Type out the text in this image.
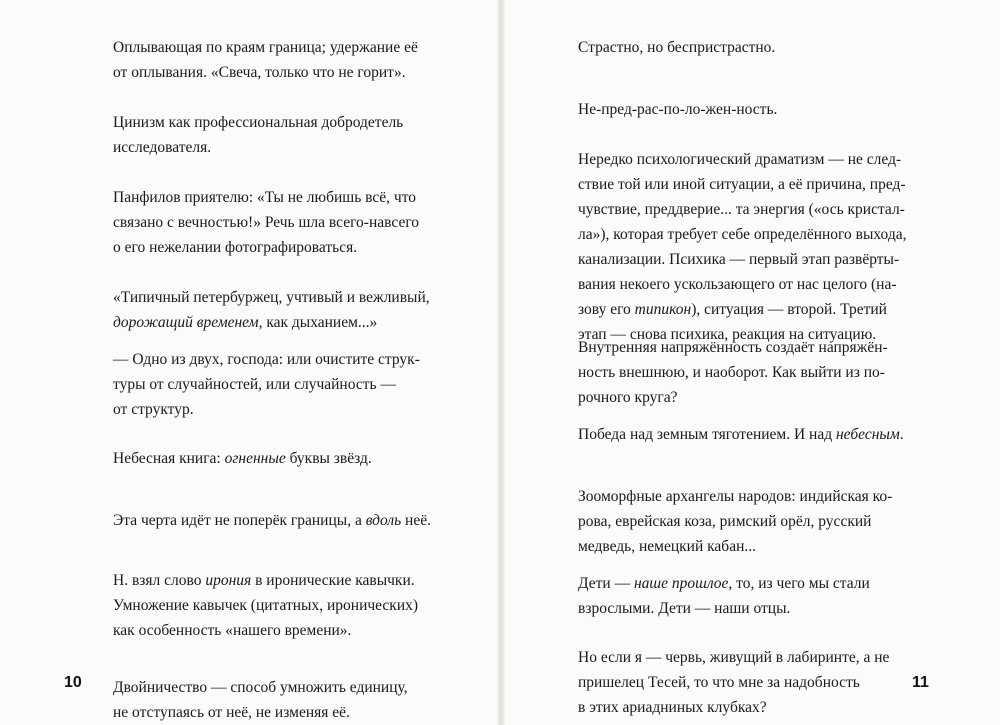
Оплывающая по краям граница; удержание её
от оплывания. «Свеча, только что не горит».
Цинизм как профессиональная добродетель
исследователя.
Панфилов приятелю: «Ты не любишь всё, что
связано с вечностью!» Речь шла всего-навсего
о его нежелании фотографироваться.
«Типичный петербуржец, учтивый и вежливый,
дорожащий временем, как дыханием...»
— Одно из двух, господа: или очистите струк-
туры от случайностей, или случайность —
от структур.
Небесная книга: огненные буквы звёзд.
Эта черта идёт не поперёк границы, а вдоль неё.
Н. взял слово ирония в иронические кавычки.
Умножение кавычек (цитатных, иронических)
как особенность «нашего времени».
Двойничество — способ умножить единицу,
не отступаясь от неё, не изменяя её.
10
Страстно, но беспристрастно.
Не-пред-рас-по-ло-жен-ность.
Нередко психологический драматизм — не след-
ствие той или иной ситуации, а её причина, пред-
чувствие, преддверие... та энергия («ось кристал-
ла»), которая требует себе определённого выхода,
канализации. Психика — первый этап развёрты-
вания некоего ускользающего от нас целого (на-
зову его типикон), ситуация — второй. Третий
этап — снова психика, реакция на ситуацию.
Внутренняя напряжённость создаёт напряжён-
ность внешнюю, и наоборот. Как выйти из по-
рочного круга?
Победа над земным тяготением. И над небесным.
Зооморфные архангелы народов: индийская ко-
рова, еврейская коза, римский орёл, русский
медведь, немецкий кабан...
Дети — наше прошлое, то, из чего мы стали
взрослыми. Дети — наши отцы.
Но если я — червь, живущий в лабиринте, а не
пришелец Тесей, то что мне за надобность
в этих ариадниных клубках?
11
